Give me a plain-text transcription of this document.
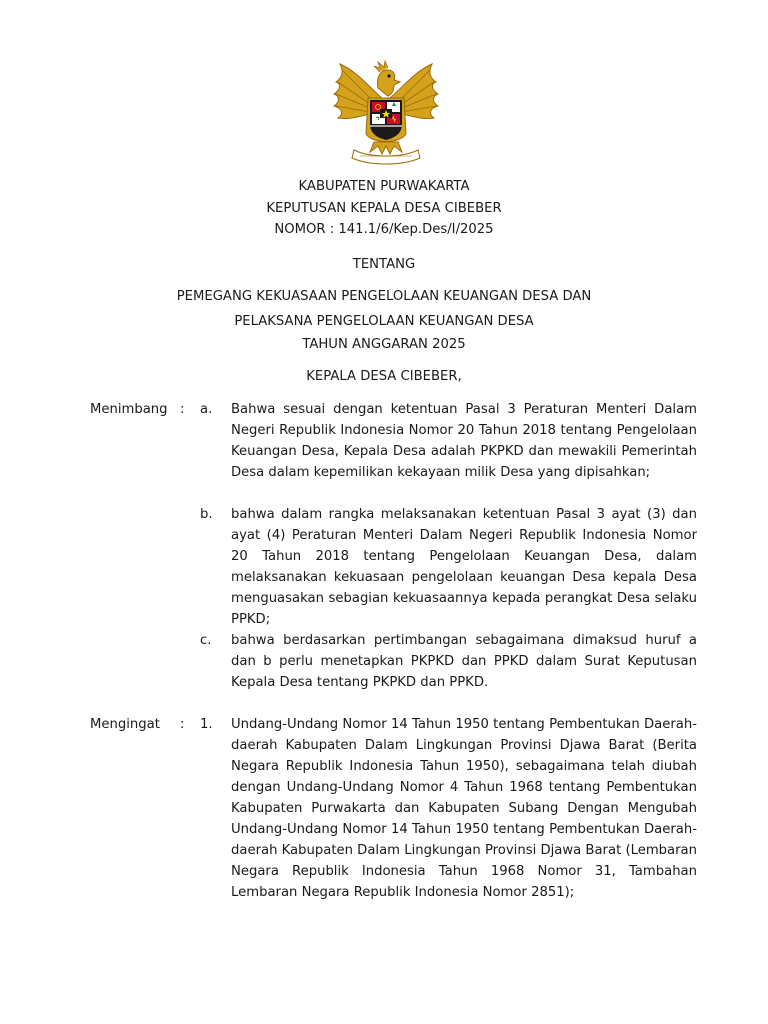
KABUPATEN PURWAKARTA
KEPUTUSAN KEPALA DESA CIBEBER
NOMOR : 141.1/6/Kep.Des/I/2025
TENTANG
PEMEGANG KEKUASAAN PENGELOLAAN KEUANGAN DESA DAN
PELAKSANA PENGELOLAAN KEUANGAN DESA
TAHUN ANGGARAN 2025
KEPALA DESA CIBEBER,
Menimbang : a. Bahwa sesuai dengan ketentuan Pasal 3 Peraturan Menteri Dalam Negeri Republik Indonesia Nomor 20 Tahun 2018 tentang Pengelolaan Keuangan Desa, Kepala Desa adalah PKPKD dan mewakili Pemerintah Desa dalam kepemilikan kekayaan milik Desa yang dipisahkan;

b. bahwa dalam rangka melaksanakan ketentuan Pasal 3 ayat (3) dan ayat (4) Peraturan Menteri Dalam Negeri Republik Indonesia Nomor 20 Tahun 2018 tentang Pengelolaan Keuangan Desa, dalam melaksanakan kekuasaan pengelolaan keuangan Desa kepala Desa menguasakan sebagian kekuasaannya kepada perangkat Desa selaku PPKD;

c. bahwa berdasarkan pertimbangan sebagaimana dimaksud huruf a dan b perlu menetapkan PKPKD dan PPKD dalam Surat Keputusan Kepala Desa tentang PKPKD dan PPKD.

Mengingat	: 1. Undang-Undang Nomor 14 Tahun 1950 tentang Pembentukan Daerah-daerah Kabupaten Dalam Lingkungan Provinsi Djawa Barat (Berita Negara Republik Indonesia Tahun 1950), sebagaimana telah diubah dengan Undang-Undang Nomor 4 Tahun 1968 tentang Pembentukan Kabupaten Purwakarta dan Kabupaten Subang Dengan Mengubah Undang-Undang Nomor 14 Tahun 1950 tentang Pembentukan Daerah-daerah Kabupaten Dalam Lingkungan Provinsi Djawa Barat (Lembaran Negara Republik Indonesia Tahun 1968 Nomor 31, Tambahan Lembaran Negara Republik Indonesia Nomor 2851);
